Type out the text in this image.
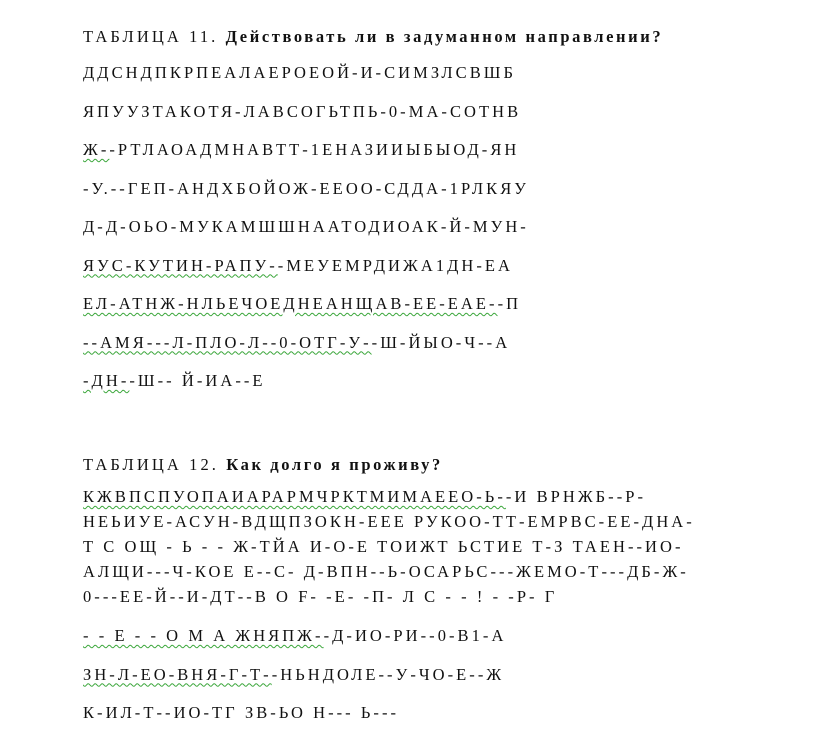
ТАБЛИЦА 11. Действовать ли в задуманном направлении?

ДДСНДПКРПЕАЛАЕРОЕОЙ-И-СИМЗЛСВШБ

ЯПУУЗТАКОТЯ-ЛАВСОГЬТПЬ-0-МА-СОТНВ

Ж--РТЛАОАДМНАВТТ-1ЕНАЗИИЫБЫОД-ЯН

-У.--ГЕП-АНДХБОЙОЖ-ЕЕОО-СДДА-1РЛКЯУ

Д-Д-ОЬО-МУКАМШШНААТОДИОАК-Й-МУН-

ЯУС-КУТИН-РАПУ--МЕУЕМРДИЖА1ДН-ЕА

ЕЛ-АТНЖ-НЛЬЕЧОЕДНЕАНЩАВ-ЕЕ-ЕАЕ--П

--АМЯ---Л-ПЛО-Л--0-ОТГ-У--Ш-ЙЫО-Ч--А

-ДН--Ш-- Й-ИА--Е

ТАБЛИЦА 12. Как долго я проживу?

КЖВПСПУОПАИАРАРМЧРКТМИМАЕЕО-Ь--И ВРНЖБ--Р-

НЕЬИУЕ-АСУН-ВДЩПЗОКН-ЕЕЕ РУКОО-ТТ-ЕМРВС-ЕЕ-ДНА-

Т С ОЩ - Ь - - Ж-ТЙА И-О-Е ТОИЖТ ЬСТИЕ Т-З ТАЕН--ИО-

АЛЩИ---Ч-КОЕ Е--С- Д-ВПН--Ь-ОСАРЬС---ЖЕМО-Т---ДБ-Ж-

0---ЕЕ-Й--И-ДТ--В О F- -Е- -П- Л С - - ! - -Р- Г

- - Е - - О М А ЖНЯПЖ--Д-ИО-РИ--0-В1-А

ЗН-Л-ЕО-ВНЯ-Г-Т--НЬНДОЛЕ--У-ЧО-Е--Ж

К-ИЛ-Т--ИО-ТГ ЗВ-ЬО Н--- Ь---
